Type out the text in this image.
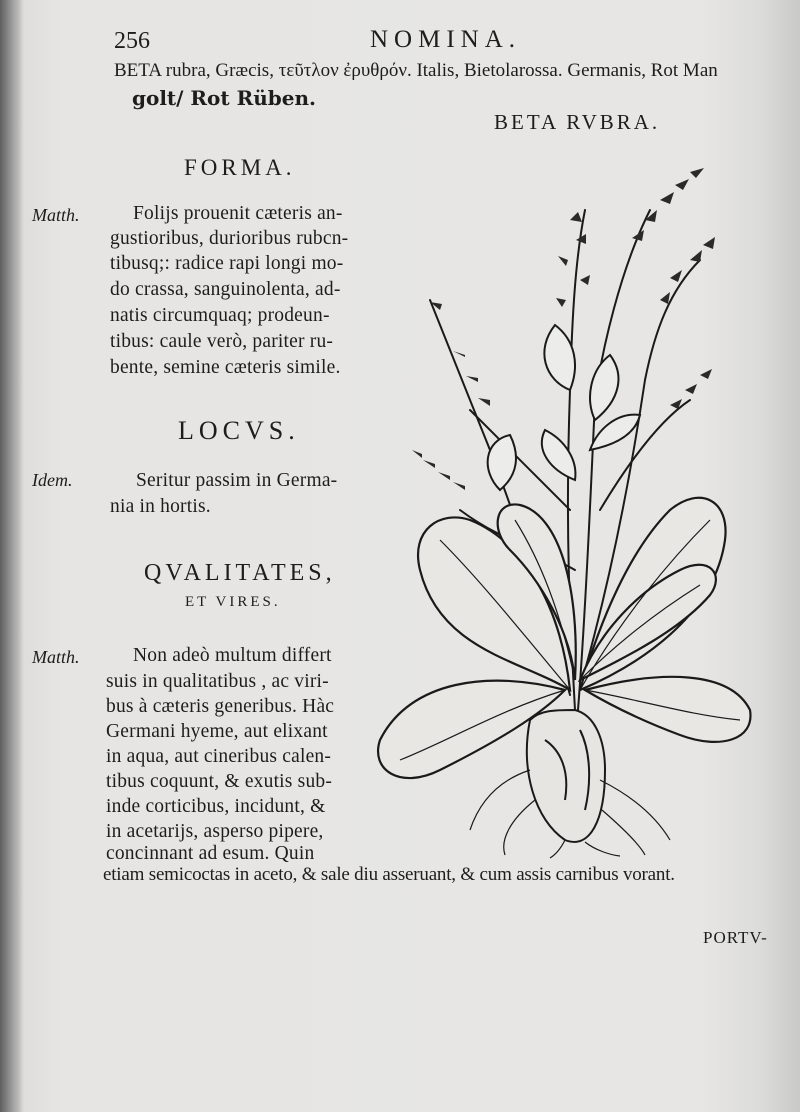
256	NOMINA.
BETA rubra, Græcis, τεῦτλον ἐρυθρόν. Italis, Bietolarossa. Germanis, Rot Man
golt/ Rot Rüben.
BETA RVBRA.
FORMA.
Matth.	Folijs prouenit cæteris an-
gustioribus, durioribus rubcn-
tibusq;: radice rapi longi mo-
do crassa, sanguinolenta, ad-
natis circumquaq; prodeun-
tibus: caule verò, pariter ru-
bente, semine cæteris simile.
LOCVS.
Idem.	Seritur passim in Germa-
nia in hortis.
QVALITATES,
ET VIRES.
Matth.	Non adeò multum differt
suis in qualitatibus , ac viri-
bus à cæteris generibus. Hàc
Germani hyeme, aut elixant
in aqua, aut cineribus calen-
tibus coquunt, & exutis sub-
inde corticibus, incidunt, &
in acetarijs, asperso pipere,
concinnant ad esum. Quin
etiam semicoctas in aceto, & sale diu asseruant, & cum assis carnibus vorant.
PORTV-
